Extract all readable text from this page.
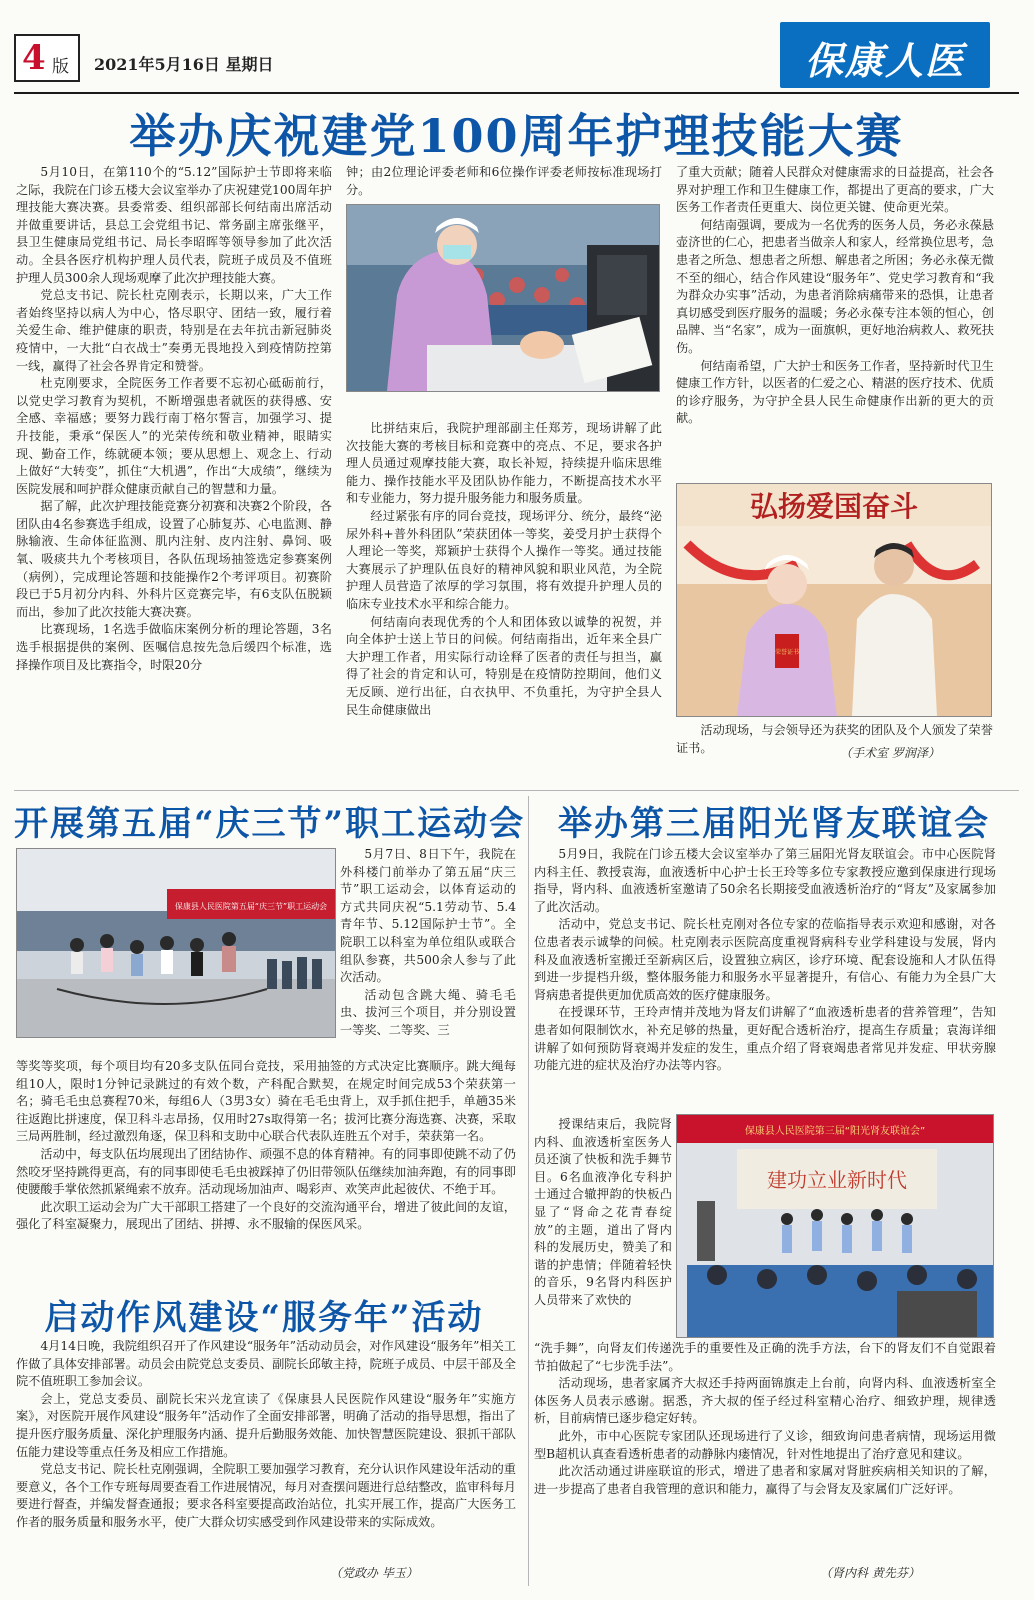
4 版 2021年5月16日 星期日	保康人医
举办庆祝建党100周年护理技能大赛

5月10日，在第110个的“5.12”国际护士节即将来临之际，我院在门诊五楼大会议室举办了庆祝建党100周年护理技能大赛决赛。县委常委、组织部部长何结南出席活动并做重要讲话，县总工会党组书记、常务副主席张继平，县卫生健康局党组书记、局长李昭晖等领导参加了此次活动。全县各医疗机构护理人员代表，院班子成员及不值班护理人员300余人现场观摩了此次护理技能大赛。

党总支书记、院长杜克刚表示，长期以来，广大工作者始终坚持以病人为中心，恪尽职守、团结一致，履行着关爱生命、维护健康的职责，特别是在去年抗击新冠肺炎疫情中，一大批“白衣战士”奏勇无畏地投入到疫情防控第一线，赢得了社会各界肯定和赞誉。

杜克刚要求，全院医务工作者要不忘初心砥砺前行，以党史学习教育为契机，不断增强患者就医的获得感、安全感、幸福感；要努力践行南丁格尔誓言，加强学习、提升技能，秉承“保医人”的光荣传统和敬业精神，眼睛实现、勤奋工作，练就硬本领；要从思想上、观念上、行动上做好“大转变”，抓住“大机遇”，作出“大成绩”，继续为医院发展和呵护群众健康贡献自己的智慧和力量。

据了解，此次护理技能竞赛分初赛和决赛2个阶段，各团队由4名参赛选手组成，设置了心肺复苏、心电监测、静脉输液、生命体征监测、肌内注射、皮内注射、鼻饲、吸氧、吸痰共九个考核项目，各队伍现场抽签选定参赛案例（病例），完成理论答题和技能操作2个考评项目。初赛阶段已于5月初分内科、外科片区竞赛完毕，有6支队伍脱颖而出，参加了此次技能大赛决赛。

比赛现场，1名选手做临床案例分析的理论答题，3名选手根据提供的案例、医嘱信息按先急后缓四个标准，选择操作项目及比赛指令，时限20分

钟；由2位理论评委老师和6位操作评委老师按标准现场打分。

比拼结束后，我院护理部副主任郑芳，现场讲解了此次技能大赛的考核目标和竞赛中的亮点、不足，要求各护理人员通过观摩技能大赛，取长补短，持续提升临床思维能力、操作技能水平及团队协作能力，不断提高技术水平和专业能力，努力提升服务能力和服务质量。

经过紧张有序的同台竞技，现场评分、统分，最终“泌尿外科+普外科团队”荣获团体一等奖，姜受月护士获得个人理论一等奖，郑颖护士获得个人操作一等奖。通过技能大赛展示了护理队伍良好的精神风貌和职业风范，为全院护理人员营造了浓厚的学习氛围，将有效提升护理人员的临床专业技术水平和综合能力。

何结南向表现优秀的个人和团体致以诚挚的祝贺，并向全体护士送上节日的问候。何结南指出，近年来全县广大护理工作者，用实际行动诠释了医者的责任与担当，赢得了社会的肯定和认可，特别是在疫情防控期间，他们义无反顾、逆行出征，白衣执甲、不负重托，为守护全县人民生命健康做出

了重大贡献；随着人民群众对健康需求的日益提高，社会各界对护理工作和卫生健康工作，都提出了更高的要求，广大医务工作者责任更重大、岗位更关键、使命更光荣。

何结南强调，要成为一名优秀的医务人员，务必永葆悬壶济世的仁心，把患者当做亲人和家人，经常换位思考，急患者之所急、想患者之所想、解患者之所困；务必永葆无微不至的细心，结合作风建设“服务年”、党史学习教育和“我为群众办实事”活动，为患者消除病痛带来的恐惧，让患者真切感受到医疗服务的温暖；务必永葆专注本领的恒心，创品牌、当“名家”，成为一面旗帜，更好地治病救人、救死扶伤。

何结南希望，广大护士和医务工作者，坚持新时代卫生健康工作方针，以医者的仁爱之心、精湛的医疗技术、优质的诊疗服务，为守护全县人民生命健康作出新的更大的贡献。

弘扬爱国奋斗
荣誉证书
活动现场，与会领导还为获奖的团队及个人颁发了荣誉证书。	（手术室 罗润泽）
开展第五届“庆三节”职工运动会
保康县人民医院第五届“庆三节”职工运动会

5月7日、8日下午，我院在外科楼门前举办了第五届“庆三节”职工运动会，以体育运动的方式共同庆祝“5.1劳动节、5.4青年节、5.12国际护士节”。全院职工以科室为单位组队或联合组队参赛，共500余人参与了此次活动。

活动包含跳大绳、骑毛毛虫、拔河三个项目，并分别设置一等奖、二等奖、三

等奖等奖项，每个项目均有20多支队伍同台竞技，采用抽签的方式决定比赛顺序。跳大绳每组10人，限时1分钟记录跳过的有效个数，产科配合默契，在规定时间完成53个荣获第一名；骑毛毛虫总赛程70米，每组6人（3男3女）骑在毛毛虫背上，双手抓住把手，单趟35米往返跑比拼速度，保卫科斗志昂扬，仅用时27s取得第一名；拔河比赛分海选赛、决赛，采取三局两胜制，经过激烈角逐，保卫科和支助中心联合代表队连胜五个对手，荣获第一名。

活动中，每支队伍均展现出了团结协作、顽强不息的体育精神。有的同事即使跳不动了仍然咬牙坚持跳得更高，有的同事即使毛毛虫被踩掉了仍旧带领队伍继续加油奔跑，有的同事即使腰酸手掌依然抓紧绳索不放弃。活动现场加油声、喝彩声、欢笑声此起彼伏、不绝于耳。

此次职工运动会为广大干部职工搭建了一个良好的交流沟通平台，增进了彼此间的友谊，强化了科室凝聚力，展现出了团结、拼搏、永不服输的保医风采。

启动作风建设“服务年”活动

4月14日晚，我院组织召开了作风建设“服务年”活动动员会，对作风建设“服务年”相关工作做了具体安排部署。动员会由院党总支委员、副院长邱敏主持，院班子成员、中层干部及全院不值班职工参加会议。

会上，党总支委员、副院长宋兴龙宣读了《保康县人民医院作风建设“服务年”实施方案》，对医院开展作风建设“服务年”活动作了全面安排部署，明确了活动的指导思想，指出了提升医疗服务质量、深化护理服务内涵、提升后勤服务效能、加快智慧医院建设、狠抓干部队伍能力建设等重点任务及相应工作措施。

党总支书记、院长杜克刚强调，全院职工要加强学习教育，充分认识作风建设年活动的重要意义，各个工作专班每周要查看工作进展情况，每月对查摆问题进行总结整改，监审科每月要进行督查，并编发督查通报；要求各科室要提高政治站位，扎实开展工作，提高广大医务工作者的服务质量和服务水平，使广大群众切实感受到作风建设带来的实际成效。

（党政办 毕玉）
举办第三届阳光肾友联谊会

5月9日，我院在门诊五楼大会议室举办了第三届阳光肾友联谊会。市中心医院肾内科主任、教授袁海，血液透析中心护士长王玲等多位专家教授应邀到保康进行现场指导，肾内科、血液透析室邀请了50余名长期接受血液透析治疗的“肾友”及家属参加了此次活动。

活动中，党总支书记、院长杜克刚对各位专家的莅临指导表示欢迎和感谢，对各位患者表示诚挚的问候。杜克刚表示医院高度重视肾病科专业学科建设与发展，肾内科及血液透析室搬迁至新病区后，设置独立病区，诊疗环境、配套设施和人才队伍得到进一步提档升级，整体服务能力和服务水平显著提升，有信心、有能力为全县广大肾病患者提供更加优质高效的医疗健康服务。

在授课环节，王玲声情并茂地为肾友们讲解了“血液透析患者的营养管理”，告知患者如何限制饮水，补充足够的热量，更好配合透析治疗，提高生存质量；袁海详细讲解了如何预防肾衰竭并发症的发生，重点介绍了肾衰竭患者常见并发症、甲状旁腺功能亢进的症状及治疗办法等内容。

授课结束后，我院肾内科、血液透析室医务人员还演了快板和洗手舞节目。6名血液净化专科护士通过合辙押韵的快板凸显了“肾命之花青春绽放”的主题，道出了肾内科的发展历史，赞美了和谐的护患情；伴随着轻快的音乐，9名肾内科医护人员带来了欢快的

保康县人民医院第三届“阳光肾友联谊会”
建功立业新时代

“洗手舞”，向肾友们传递洗手的重要性及正确的洗手方法，台下的肾友们不自觉跟着节拍做起了“七步洗手法”。

活动现场，患者家属齐大叔还手持两面锦旗走上台前，向肾内科、血液透析室全体医务人员表示感谢。据悉，齐大叔的侄子经过科室精心治疗、细致护理，规律透析，目前病情已逐步稳定好转。

此外，市中心医院专家团队还现场进行了义诊，细致询问患者病情，现场运用微型B超机认真查看透析患者的动静脉内瘘情况，针对性地提出了治疗意见和建议。

此次活动通过讲座联谊的形式，增进了患者和家属对肾脏疾病相关知识的了解，进一步提高了患者自我管理的意识和能力，赢得了与会肾友及家属们广泛好评。

（肾内科 黄先芬）
